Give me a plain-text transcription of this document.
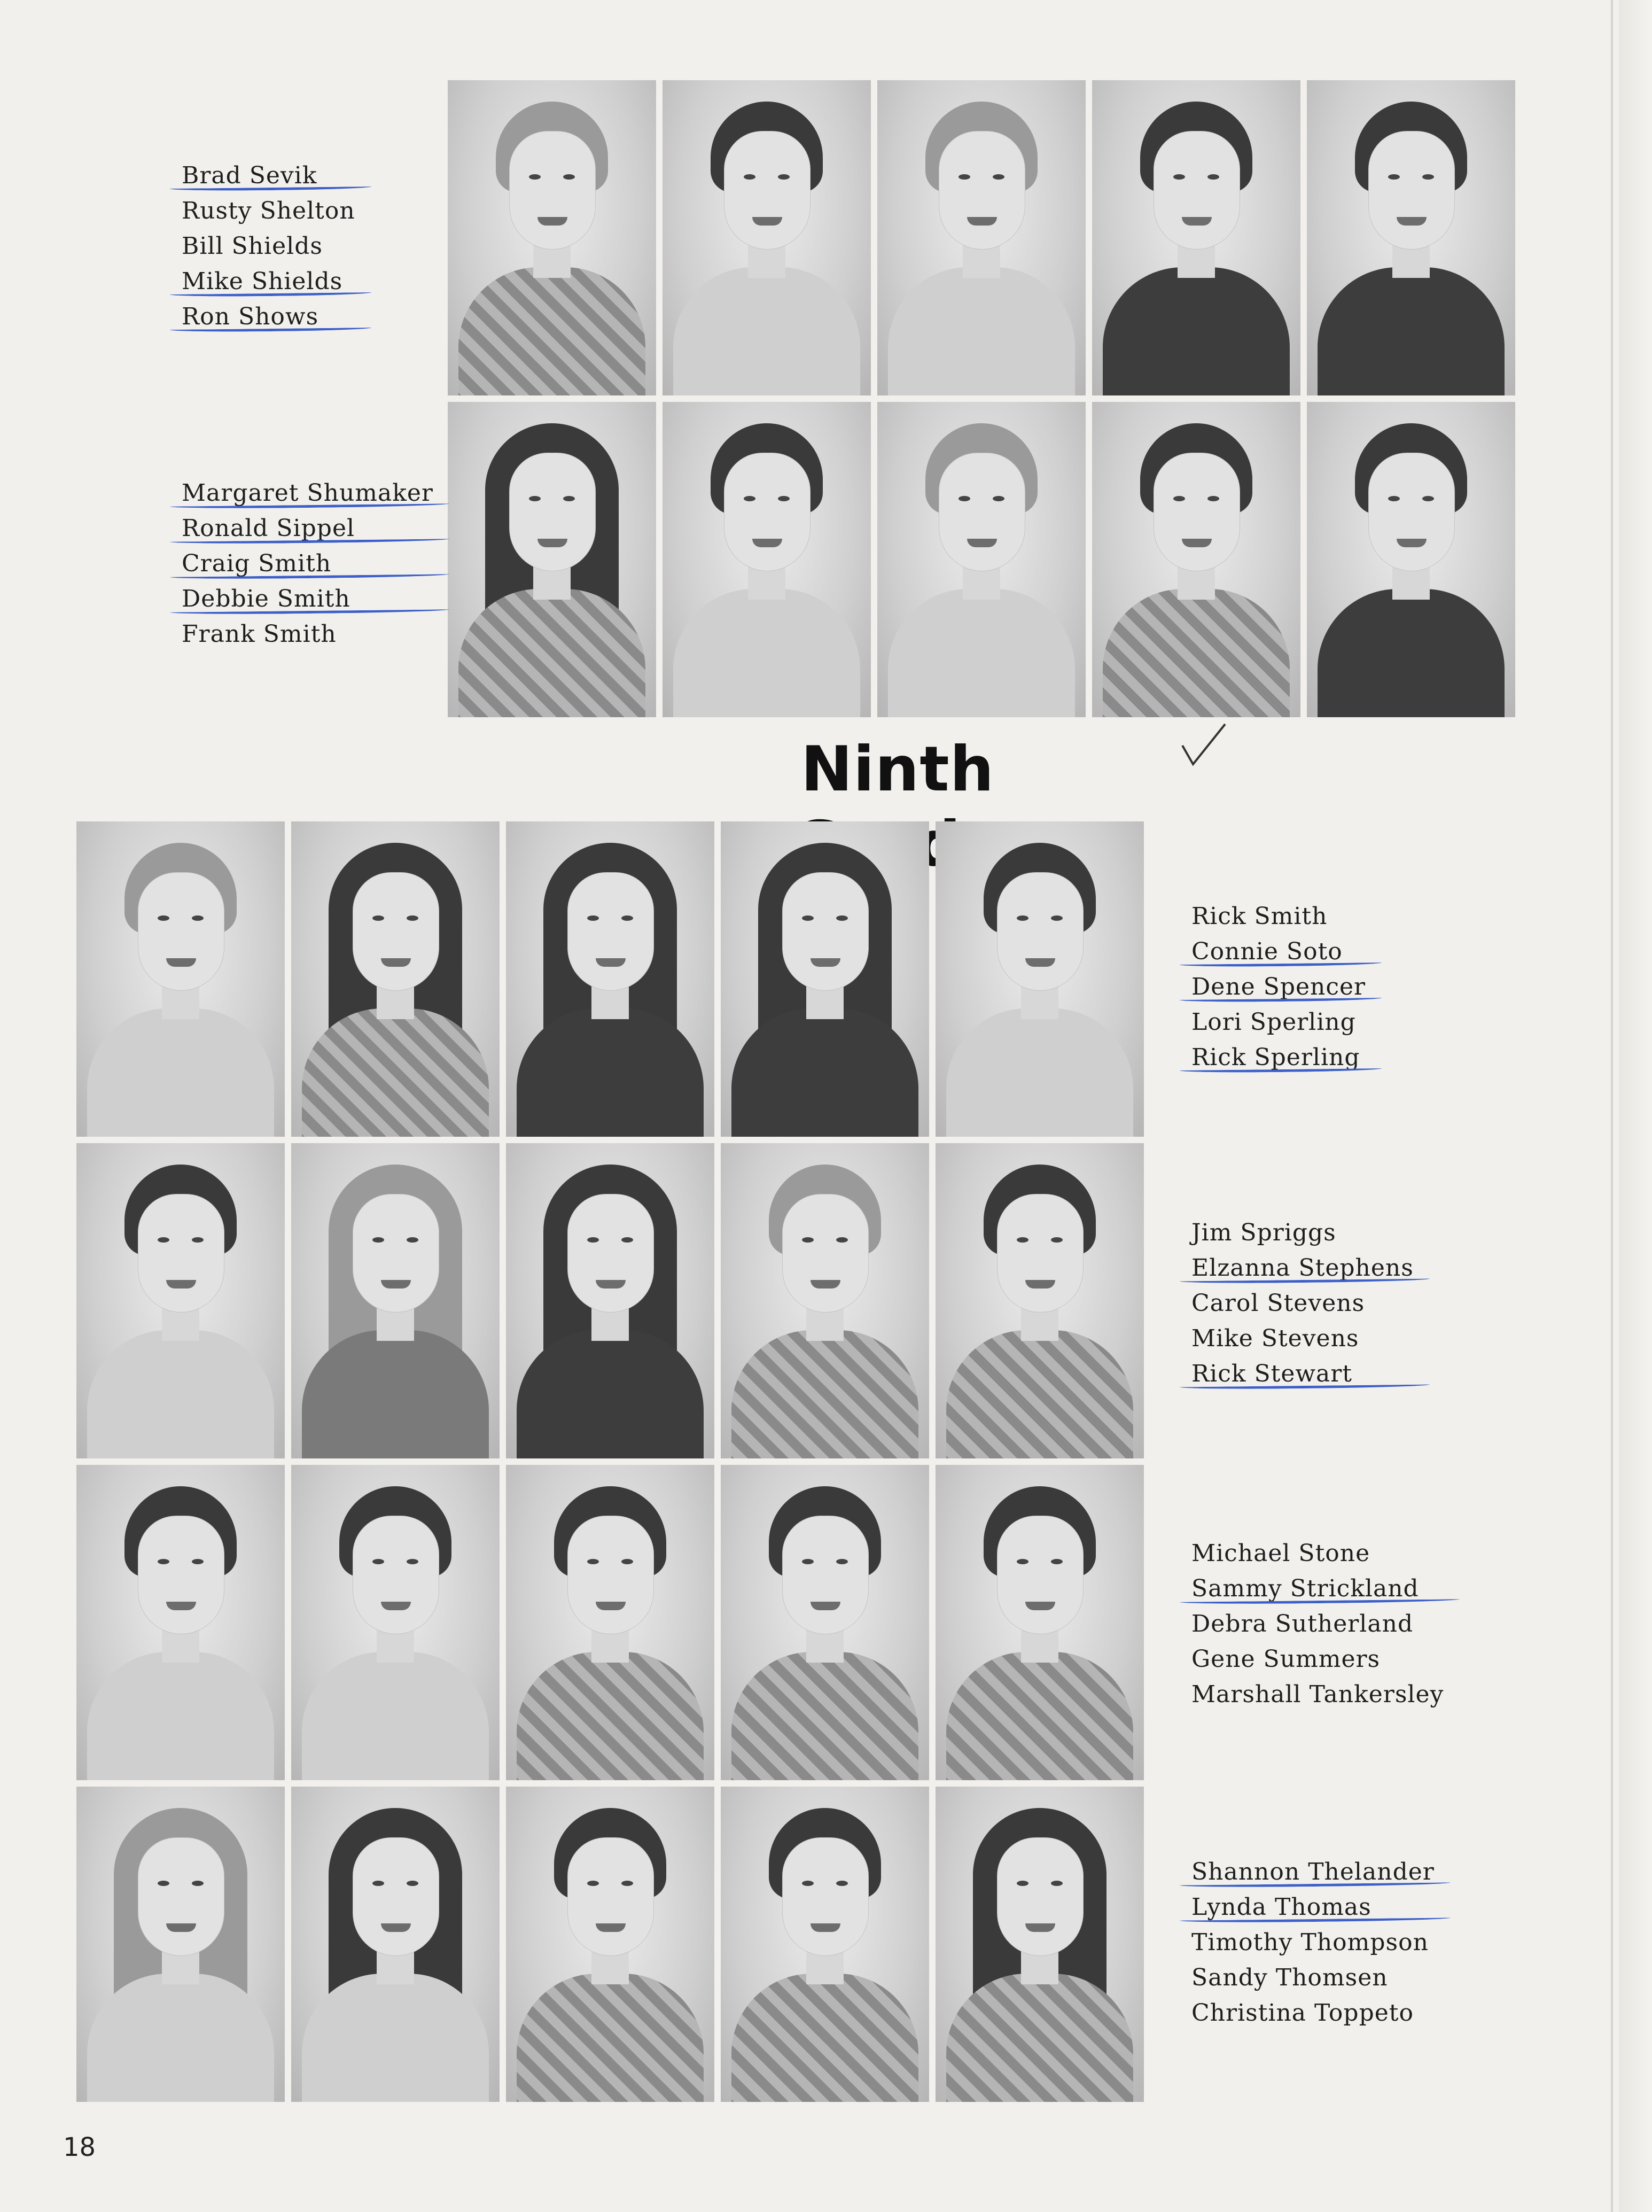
Brad Sevik
Rusty Shelton
Bill Shields
Mike Shields
Ron Shows
Margaret Shumaker
Ronald Sippel
Craig Smith
Debbie Smith
Frank Smith
Ninth
Rick Smith
Connie Soto
Dene Spencer
Lori Sperling
Rick Sperling
Jim Spriggs
Elzanna Stephens
Carol Stevens
Mike Stevens
Rick Stewart
Michael Stone
Sammy Strickland
Debra Sutherland
Gene Summers
Marshall Tankersley
Shannon Thelander
Lynda Thomas
Timothy Thompson
Sandy Thomsen
Christina Toppeto
18
